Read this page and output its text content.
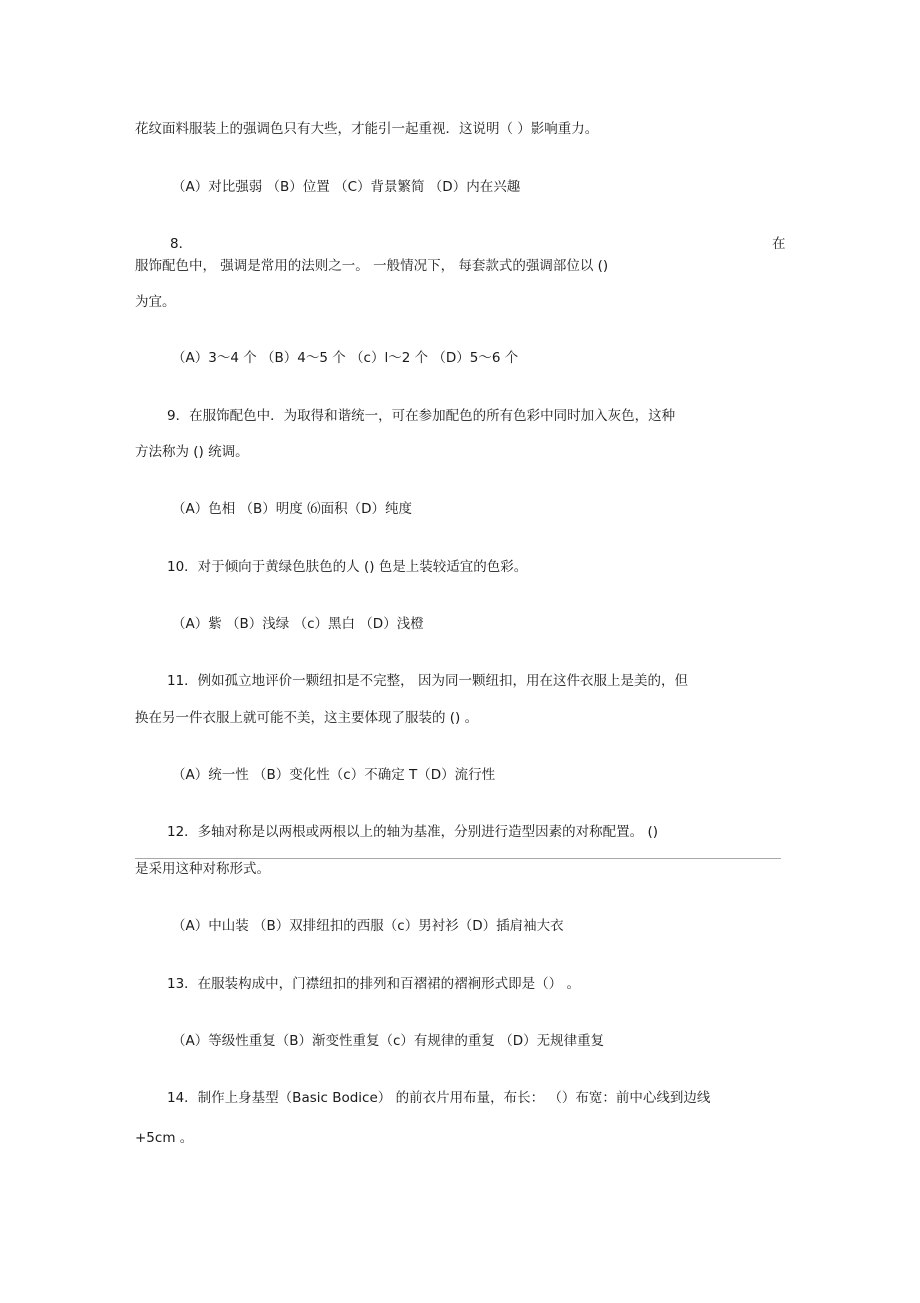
花纹面料服装上的强调色只有大些，才能引一起重视．这说明（ ）影响重力。
（A）对比强弱 （B）位置 （C）背景繁简 （D）内在兴趣
8．	在
服饰配色中， 强调是常用的法则之一。 一般情况下， 每套款式的强调部位以 ()
为宜。
（A）3～4 个 （B）4～5 个 （c）l～2 个 （D）5～6 个
9．在服饰配色中．为取得和谐统一，可在参加配色的所有色彩中同时加入灰色，这种
方法称为 () 统调。
（A）色相 （B）明度 ⑹面积（D）纯度
10．对于倾向于黄绿色肤色的人 () 色是上装较适宜的色彩。
（A）紫 （B）浅绿 （c）黑白 （D）浅橙
11．例如孤立地评价一颗纽扣是不完整， 因为同一颗纽扣，用在这件衣服上是美的，但
换在另一件衣服上就可能不美，这主要体现了服装的 () 。
（A）统一性 （B）变化性（c）不确定 T（D）流行性
12．多轴对称是以两根或两根以上的轴为基准，分别进行造型因素的对称配置。 ()
是采用这种对称形式。
（A）中山装 （B）双排纽扣的西服（c）男衬衫（D）插肩袖大衣
13．在服装构成中，门襟纽扣的排列和百褶裙的褶裥形式即是（） 。
（A）等级性重复（B）渐变性重复（c）有规律的重复 （D）无规律重复
14．制作上身基型（Basic Bodice） 的前衣片用布量，布长： （）布宽：前中心线到边线
+5cm 。
